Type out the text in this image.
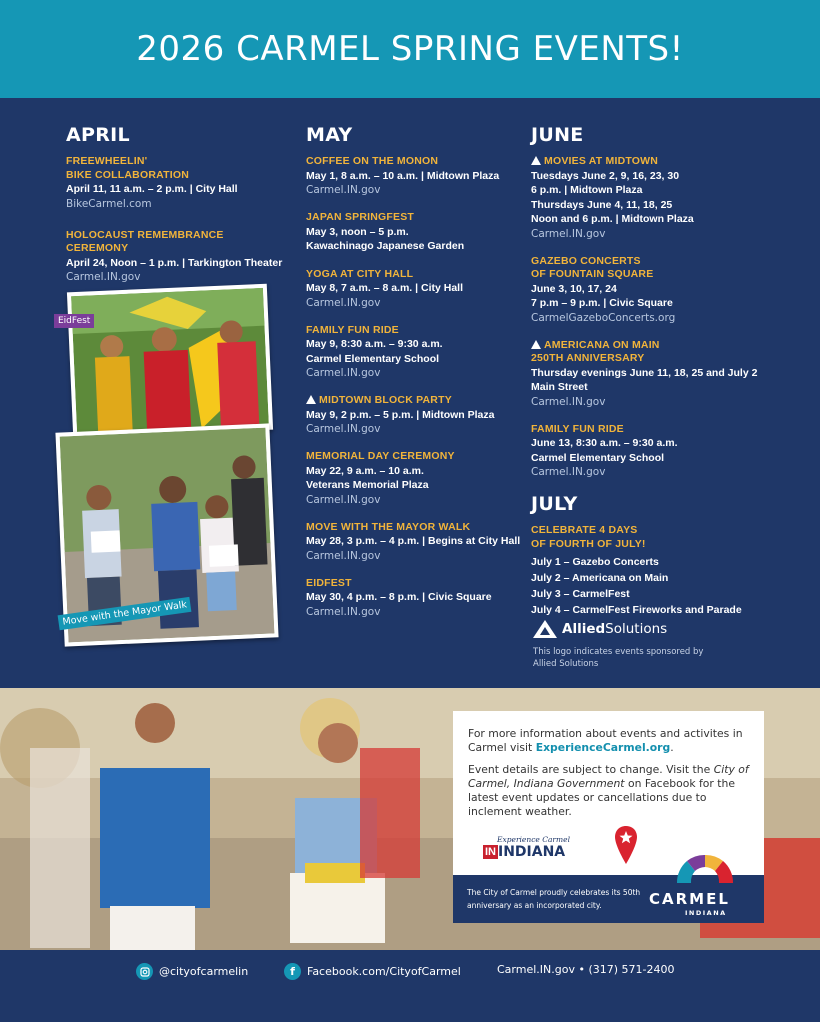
2026 CARMEL SPRING EVENTS!
APRIL
FREEWHEELIN'
BIKE COLLABORATION
April 11, 11 a.m. – 2 p.m. | City Hall
BikeCarmel.com
HOLOCAUST REMEMBRANCE
CEREMONY
April 24, Noon – 1 p.m. | Tarkington Theater
Carmel.IN.gov
MAY
COFFEE ON THE MONON
May 1, 8 a.m. – 10 a.m. | Midtown Plaza
Carmel.IN.gov
JAPAN SPRINGFEST
May 3, noon – 5 p.m.
Kawachinago Japanese Garden
YOGA AT CITY HALL
May 8, 7 a.m. – 8 a.m. | City Hall
Carmel.IN.gov
FAMILY FUN RIDE
May 9, 8:30 a.m. – 9:30 a.m.
Carmel Elementary School
Carmel.IN.gov
MIDTOWN BLOCK PARTY
May 9, 2 p.m. – 5 p.m. | Midtown Plaza
Carmel.IN.gov
MEMORIAL DAY CEREMONY
May 22, 9 a.m. – 10 a.m.
Veterans Memorial Plaza
Carmel.IN.gov
MOVE WITH THE MAYOR WALK
May 28, 3 p.m. – 4 p.m. | Begins at City Hall
Carmel.IN.gov
EIDFEST
May 30, 4 p.m. – 8 p.m. | Civic Square
Carmel.IN.gov
JUNE
MOVIES AT MIDTOWN
Tuesdays June 2, 9, 16, 23, 30
6 p.m. | Midtown Plaza
Thursdays June 4, 11, 18, 25
Noon and 6 p.m. | Midtown Plaza
Carmel.IN.gov
GAZEBO CONCERTS
OF FOUNTAIN SQUARE
June 3, 10, 17, 24
7 p.m – 9 p.m. | Civic Square
CarmelGazeboConcerts.org
AMERICANA ON MAIN
250TH ANNIVERSARY
Thursday evenings June 11, 18, 25 and July 2
Main Street
Carmel.IN.gov
FAMILY FUN RIDE
June 13, 8:30 a.m. – 9:30 a.m.
Carmel Elementary School
Carmel.IN.gov
EidFest
Move with the Mayor Walk
JULY
CELEBRATE 4 DAYS
OF FOURTH OF JULY!
July 1 – Gazebo Concerts
July 2 – Americana on Main
July 3 – CarmelFest
July 4 – CarmelFest Fireworks and Parade
Allied Solutions
This logo indicates events sponsored by Allied Solutions

For more information about events and activites in Carmel visit ExperienceCarmel.org.

Event details are subject to change. Visit the City of Carmel, Indiana Government on Facebook for the latest event updates or cancellations due to inclement weather.

Experience Carmel
IN INDIANA
The City of Carmel proudly celebrates its 50th anniversary as an incorporated city.	CARMEL
INDIANA
@cityofcarmelin	f	Facebook.com/CityofCarmel	Carmel.IN.gov • (317) 571-2400
